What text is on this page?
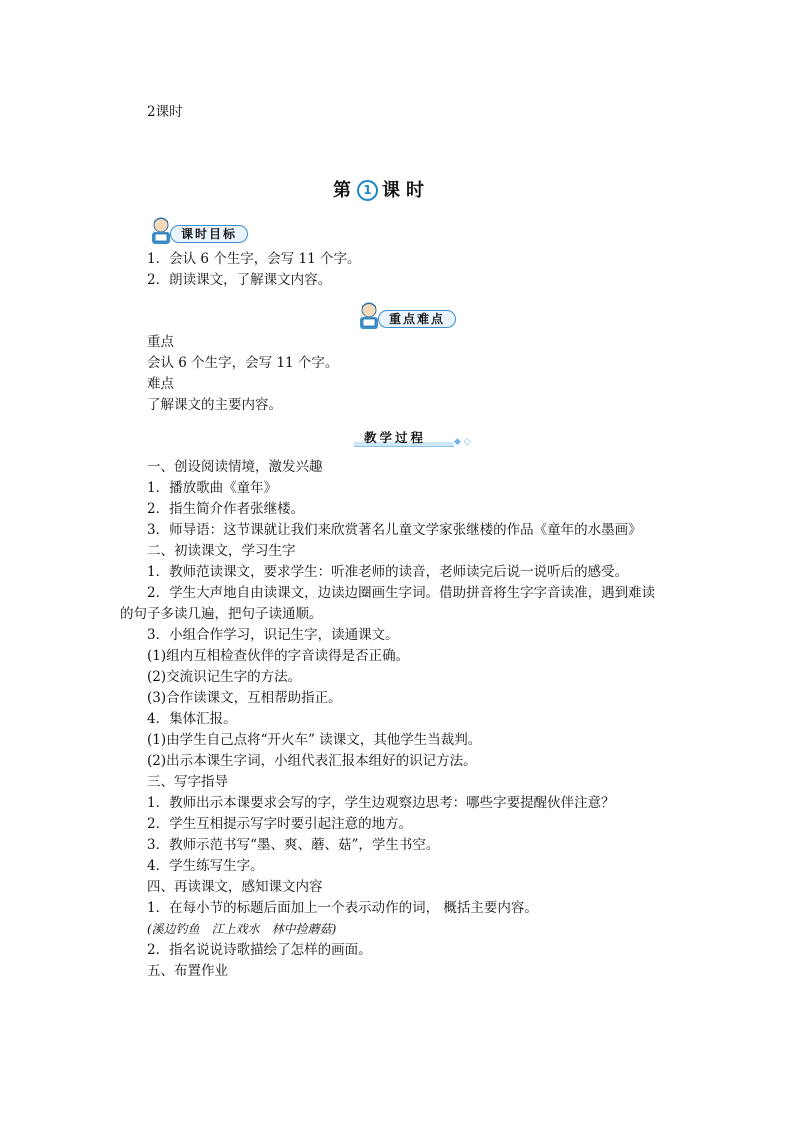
2课时
第 1 课时
课时目标
1．会认 6 个生字，会写 11 个字。
2．朗读课文，了解课文内容。
重点难点
重点
会认 6 个生字，会写 11 个字。
难点
了解课文的主要内容。
教学过程	◆ ◇
一、创设阅读情境，激发兴趣
1．播放歌曲《童年》
2．指生简介作者张继楼。
3．师导语：这节课就让我们来欣赏著名儿童文学家张继楼的作品《童年的水墨画》
二、初读课文，学习生字
1．教师范读课文，要求学生：听准老师的读音，老师读完后说一说听后的感受。
2．学生大声地自由读课文，边读边圈画生字词。借助拼音将生字字音读准，遇到难读
的句子多读几遍，把句子读通顺。
3．小组合作学习，识记生字，读通课文。
(1)组内互相检查伙伴的字音读得是否正确。
(2)交流识记生字的方法。
(3)合作读课文，互相帮助指正。
4．集体汇报。
(1)由学生自己点将“开火车” 读课文，其他学生当裁判。
(2)出示本课生字词，小组代表汇报本组好的识记方法。
三、写字指导
1．教师出示本课要求会写的字，学生边观察边思考：哪些字要提醒伙伴注意？
2．学生互相提示写字时要引起注意的地方。
3．教师示范书写“墨、爽、蘑、菇”，学生书空。
4．学生练写生字。
四、再读课文，感知课文内容
1．在每小节的标题后面加上一个表示动作的词， 概括主要内容。
(溪边钓鱼　江上戏水　林中捡蘑菇)
2．指名说说诗歌描绘了怎样的画面。
五、布置作业
